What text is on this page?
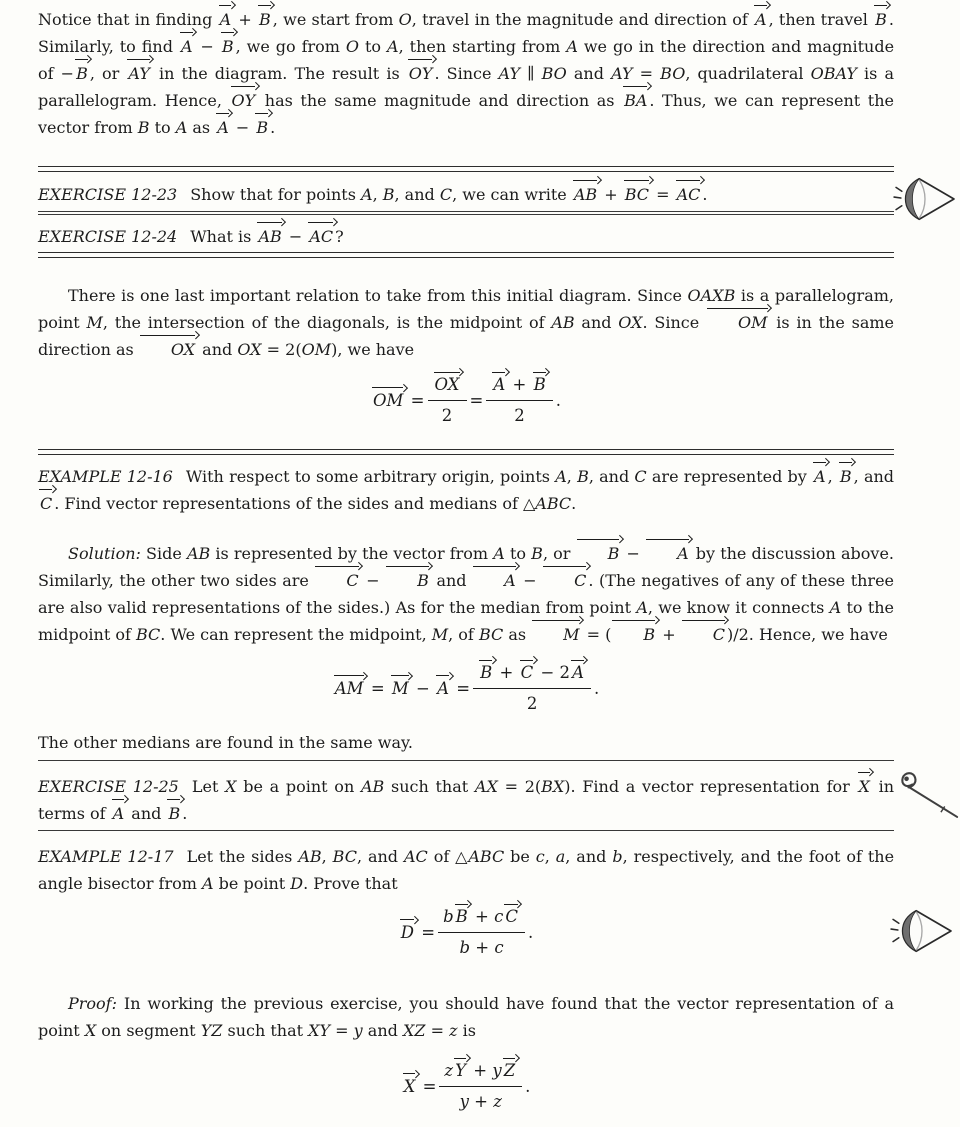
Notice that in finding A + B , we start from O, travel in the magnitude and direction of A , then travel B . Similarly, to find A − B , we go from O to A, then starting from A we go in the direction and magnitude of − B , or AY in the diagram. The result is OY . Since AY ∥ BO and AY = BO, quadrilateral OBAY is a parallelogram. Hence, OY has the same magnitude and direction as BA . Thus, we can represent the vector from B to A as A − B .

EXERCISE 12-23 Show that for points A, B, and C, we can write AB + BC = AC .

EXERCISE 12-24 What is AB − AC ?

There is one last important relation to take from this initial diagram. Since OAXB is a parallelogram, point M, the intersection of the diagonals, is the midpoint of AB and OX. Since OM is in the same direction as OX and OX = 2(OM), we have

OM = $\frac{OX}{2} = \frac{A + B}{2}$ .

EXAMPLE 12-16 With respect to some arbitrary origin, points A, B, and C are represented by A , B , and C . Find vector representations of the sides and medians of △ABC.

Solution: Side AB is represented by the vector from A to B, or B − A by the discussion above. Similarly, the other two sides are C − B and A − C . (The negatives of any of these three are also valid representations of the sides.) As for the median from point A, we know it connects A to the midpoint of BC. We can represent the midpoint, M, of BC as M = ( B + C )/2. Hence, we have

AM = $M - A = \frac{B + C - 2 A}{2}$ .

The other medians are found in the same way.

EXERCISE 12-25 Let X be a point on AB such that AX = 2(BX). Find a vector representation for X in terms of A and B .

EXAMPLE 12-17 Let the sides AB, BC, and AC of △ABC be c, a, and b, respectively, and the foot of the angle bisector from A be point D. Prove that

$D = \frac{\text{b B + c C}}{b + c}$ .

Proof: In working the previous exercise, you should have found that the vector representation of a point X on segment YZ such that XY = y and XZ = z is

$X = \frac{\text{z Y + y Z}}{y + z}$ .
